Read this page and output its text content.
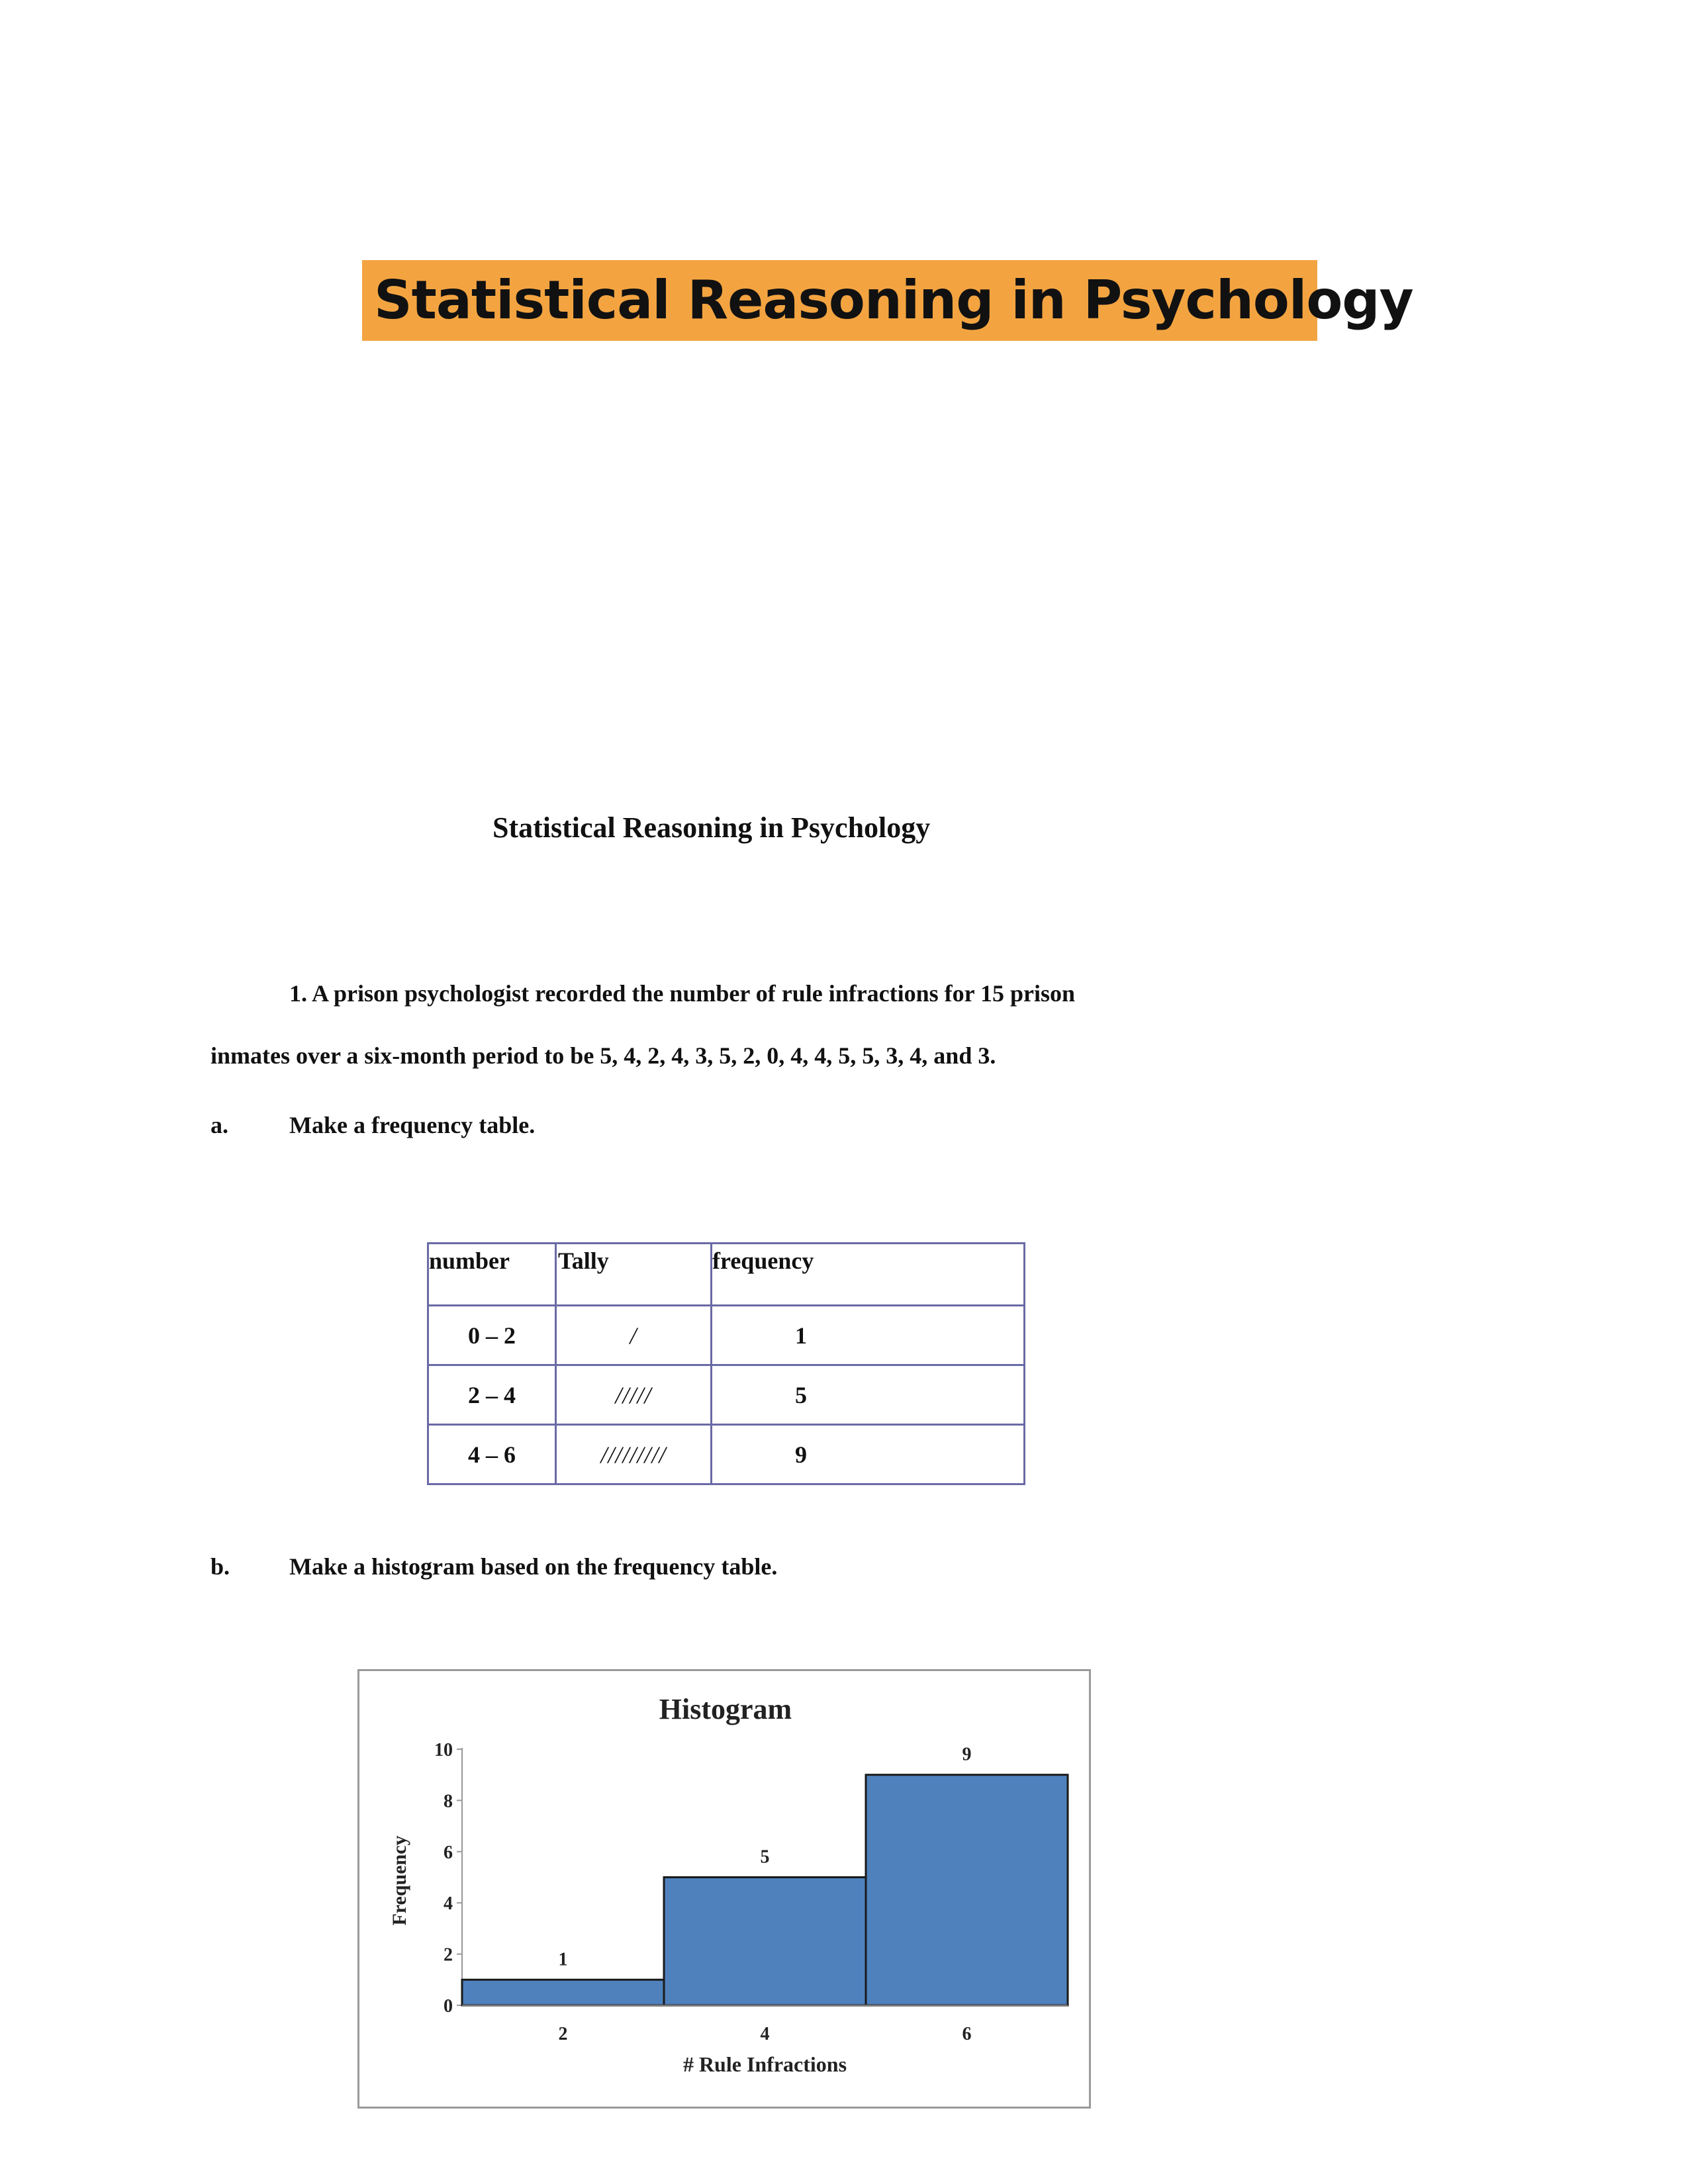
Statistical Reasoning in Psychology
Statistical Reasoning in Psychology
1. A prison psychologist recorded the number of rule infractions for 15 prison
inmates over a six-month period to be 5, 4, 2, 4, 3, 5, 2, 0, 4, 4, 5, 5, 3, 4, and 3.
a.	Make a frequency table.
number	Tally	frequency

0 – 2	/	1

2 – 4	/////	5

4 – 6	/////////	9
b. Make a histogram based on the frequency table.
Histogram
0
2
4
6
8
10
Frequency
1
2
5
4
9
6
# Rule Infractions
